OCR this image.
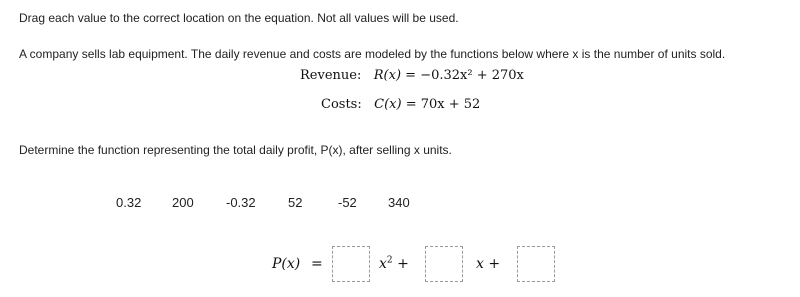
Drag each value to the correct location on the equation. Not all values will be used.
A company sells lab equipment. The daily revenue and costs are modeled by the functions below where x is the number of units sold.
Revenue: R(x) = −0.32x² + 270x
Costs: C(x) = 70x + 52
Determine the function representing the total daily profit, P(x), after selling x units.
0.32 200 -0.32 52	-52 340
P(x) =	$x^2$ +	x +
